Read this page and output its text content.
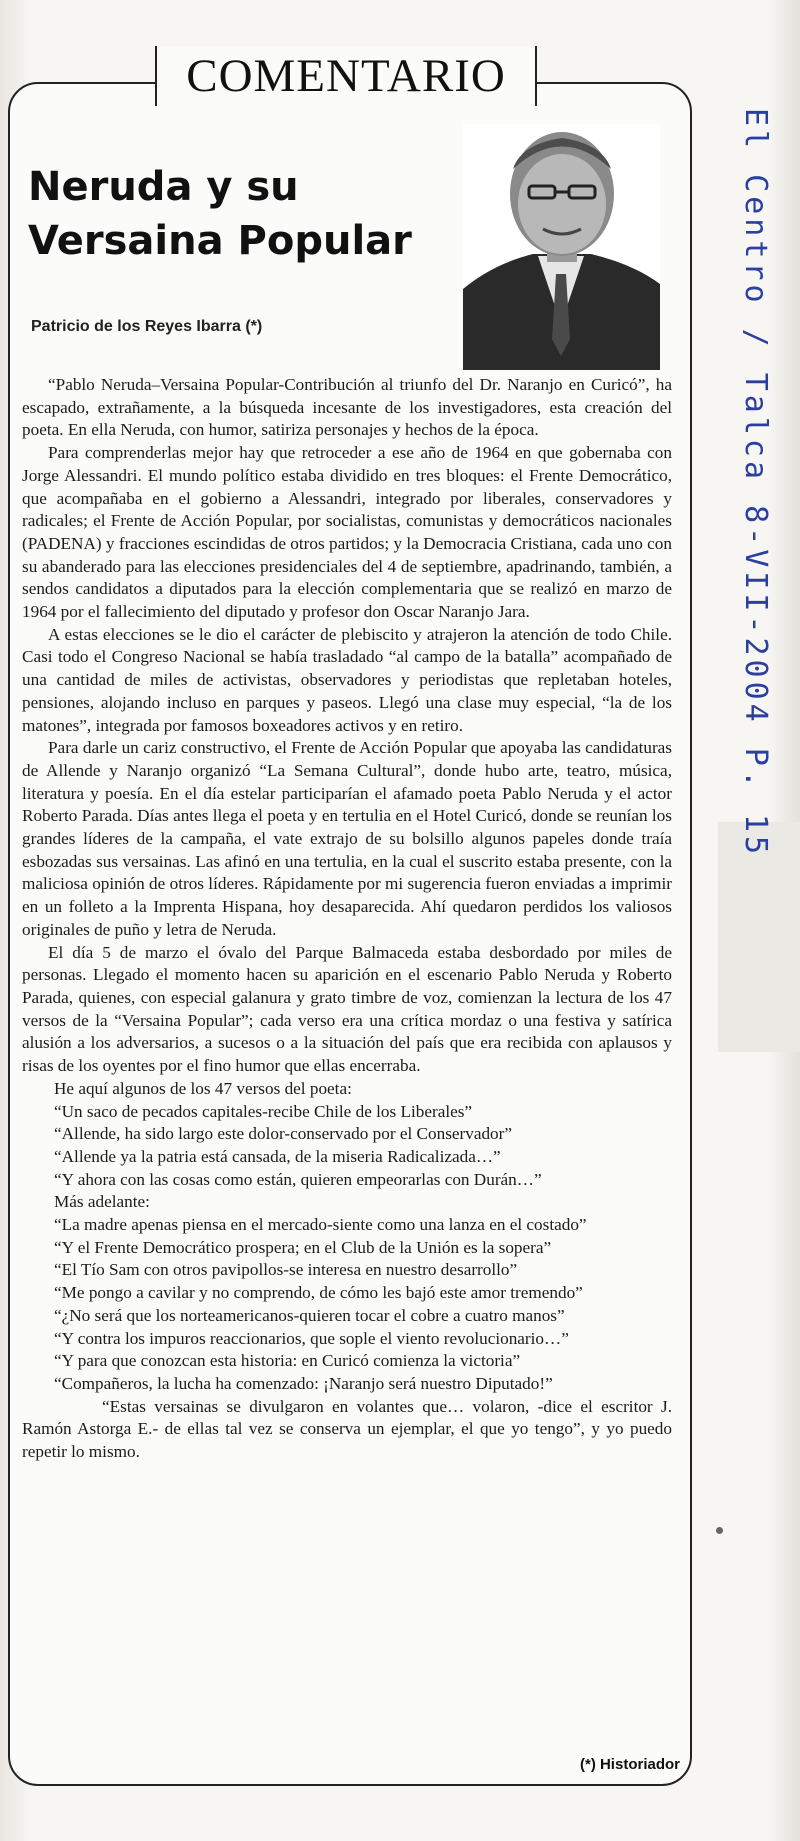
COMENTARIO
Neruda y su
Versaina Popular
Patricio de los Reyes Ibarra (*)	El Centro / Talca 8-VII-2004 P. 15

“Pablo Neruda–Versaina Popular-Contribución al triunfo del Dr. Naranjo en Curicó”, ha escapado, extrañamente, a la búsqueda incesante de los investigadores, esta creación del poeta. En ella Neruda, con humor, satiriza personajes y hechos de la época.

Para comprenderlas mejor hay que retroceder a ese año de 1964 en que gobernaba con Jorge Alessandri. El mundo político estaba dividido en tres bloques: el Frente Democrático, que acompañaba en el gobierno a Alessandri, integrado por liberales, conservadores y radicales; el Frente de Acción Popular, por socialistas, comunistas y democráticos nacionales (PADENA) y fracciones escindidas de otros partidos; y la Democracia Cristiana, cada uno con su abanderado para las elecciones presidenciales del 4 de septiembre, apadrinando, también, a sendos candidatos a diputados para la elección complementaria que se realizó en marzo de 1964 por el fallecimiento del diputado y profesor don Oscar Naranjo Jara.

A estas elecciones se le dio el carácter de plebiscito y atrajeron la atención de todo Chile. Casi todo el Congreso Nacional se había trasladado “al campo de la batalla” acompañado de una cantidad de miles de activistas, observadores y periodistas que repletaban hoteles, pensiones, alojando incluso en parques y paseos. Llegó una clase muy especial, “la de los matones”, integrada por famosos boxeadores activos y en retiro.

Para darle un cariz constructivo, el Frente de Acción Popular que apoyaba las candidaturas de Allende y Naranjo organizó “La Semana Cultural”, donde hubo arte, teatro, música, literatura y poesía. En el día estelar participarían el afamado poeta Pablo Neruda y el actor Roberto Parada. Días antes llega el poeta y en tertulia en el Hotel Curicó, donde se reunían los grandes líderes de la campaña, el vate extrajo de su bolsillo algunos papeles donde traía esbozadas sus versainas. Las afinó en una tertulia, en la cual el suscrito estaba presente, con la maliciosa opinión de otros líderes. Rápidamente por mi sugerencia fueron enviadas a imprimir en un folleto a la Imprenta Hispana, hoy desaparecida. Ahí quedaron perdidos los valiosos originales de puño y letra de Neruda.

El día 5 de marzo el óvalo del Parque Balmaceda estaba desbordado por miles de personas. Llegado el momento hacen su aparición en el escenario Pablo Neruda y Roberto Parada, quienes, con especial galanura y grato timbre de voz, comienzan la lectura de los 47 versos de la “Versaina Popular”; cada verso era una crítica mordaz o una festiva y satírica alusión a los adversarios, a sucesos o a la situación del país que era recibida con aplausos y risas de los oyentes por el fino humor que ellas encerraba.

He aquí algunos de los 47 versos del poeta:

“Un saco de pecados capitales-recibe Chile de los Liberales”

“Allende, ha sido largo este dolor-conservado por el Conservador”

“Allende ya la patria está cansada, de la miseria Radicalizada…”

“Y ahora con las cosas como están, quieren empeorarlas con Durán…”

Más adelante:

“La madre apenas piensa en el mercado-siente como una lanza en el costado”

“Y el Frente Democrático prospera; en el Club de la Unión es la sopera”

“El Tío Sam con otros pavipollos-se interesa en nuestro desarrollo”

“Me pongo a cavilar y no comprendo, de cómo les bajó este amor tremendo”

“¿No será que los norteamericanos-quieren tocar el cobre a cuatro manos”

“Y contra los impuros reaccionarios, que sople el viento revolucionario…”

“Y para que conozcan esta historia: en Curicó comienza la victoria”

“Compañeros, la lucha ha comenzado: ¡Naranjo será nuestro Diputado!”

“Estas versainas se divulgaron en volantes que… volaron, -dice el escritor J. Ramón Astorga E.- de ellas tal vez se conserva un ejemplar, el que yo tengo”, y yo puedo repetir lo mismo.

(*) Historiador
